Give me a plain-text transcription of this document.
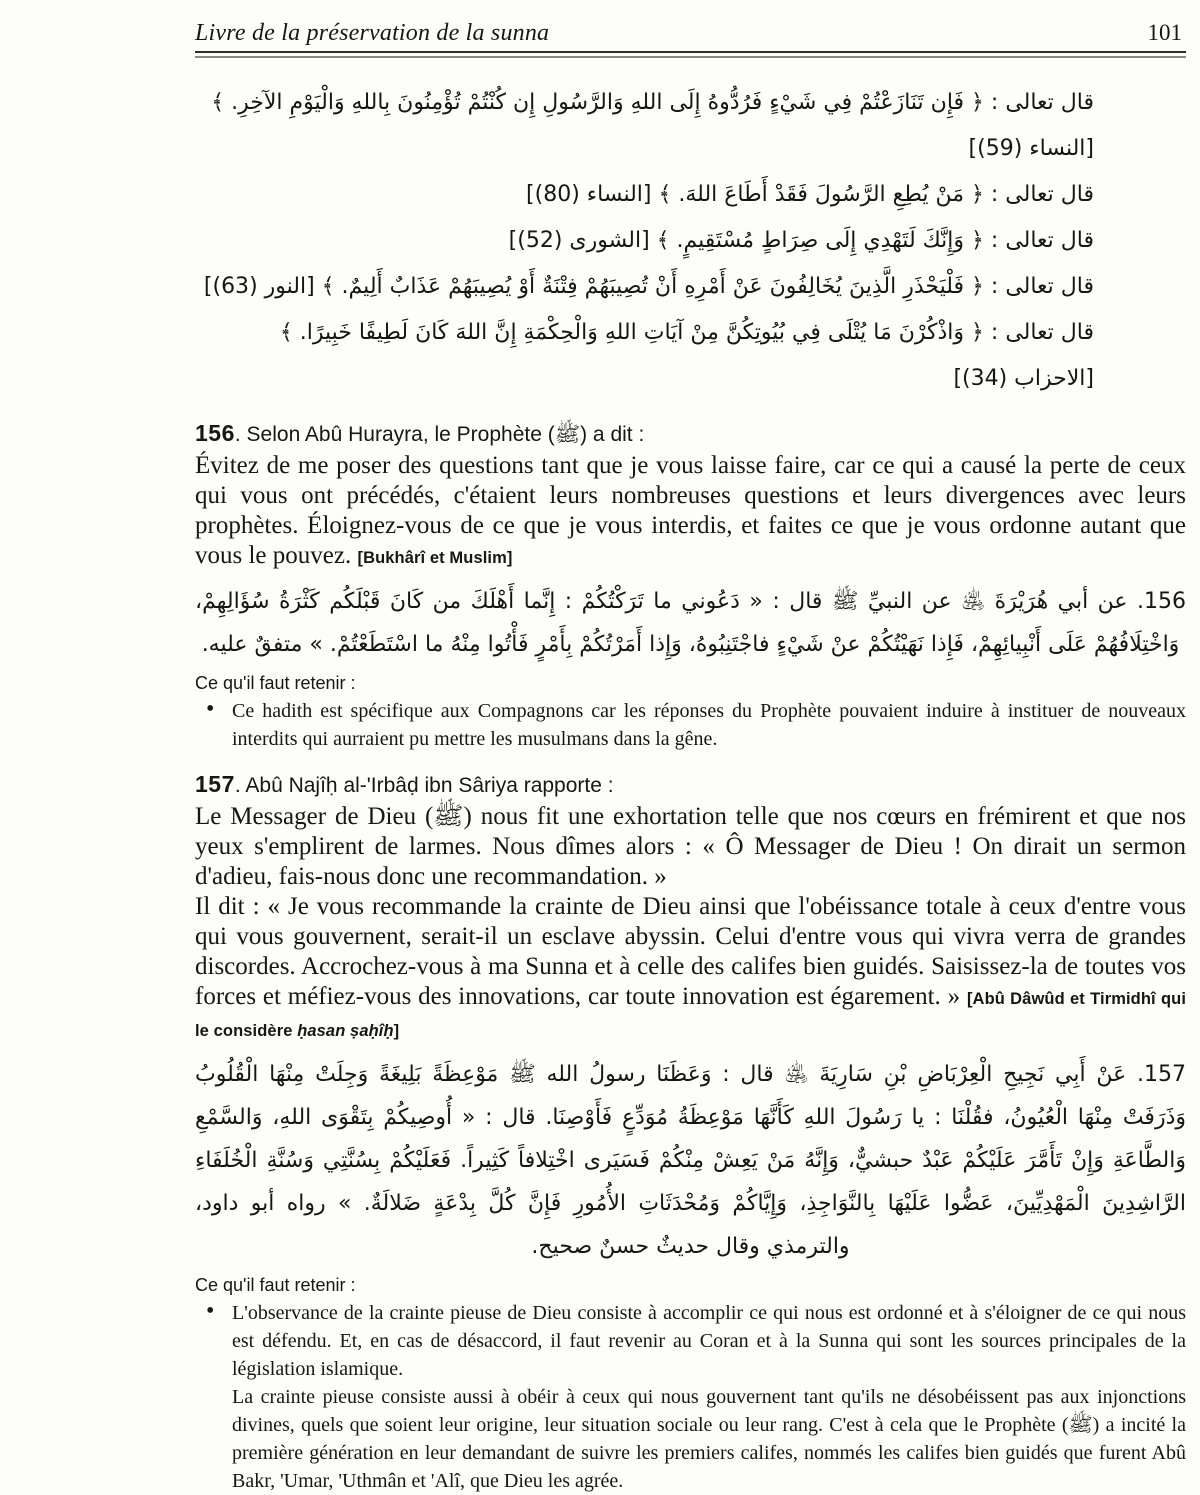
Livre de la préservation de la sunna	101
قال تعالى : ﴿ فَإِن تَنَازَعْتُمْ فِي شَيْءٍ فَرُدُّوهُ إِلَى اللهِ وَالرَّسُولِ إِن كُنْتُمْ تُؤْمِنُونَ بِاللهِ وَالْيَوْمِ الآخِرِ. ﴾ [النساء (59)]
قال تعالى : ﴿ مَنْ يُطِعِ الرَّسُولَ فَقَدْ أَطَاعَ اللهَ. ﴾ [النساء (80)]
قال تعالى : ﴿ وَإِنَّكَ لَتَهْدِي إِلَى صِرَاطٍ مُسْتَقِيمٍ. ﴾ [الشورى (52)]
قال تعالى : ﴿ فَلْيَحْذَرِ الَّذِينَ يُخَالِفُونَ عَنْ أَمْرِهِ أَنْ تُصِيبَهُمْ فِتْنَةٌ أَوْ يُصِيبَهُمْ عَذَابٌ أَلِيمٌ. ﴾ [النور (63)]
قال تعالى : ﴿ وَاذْكُرْنَ مَا يُتْلَى فِي بُيُوتِكُنَّ مِنْ آيَاتِ اللهِ وَالْحِكْمَةِ إِنَّ اللهَ كَانَ لَطِيفًا خَبِيرًا. ﴾ [الاحزاب (34)]
156. Selon Abû Hurayra, le Prophète (ﷺ) a dit :

Évitez de me poser des questions tant que je vous laisse faire, car ce qui a causé la perte de ceux qui vous ont précédés, c'étaient leurs nombreuses questions et leurs divergences avec leurs prophètes. Éloignez-vous de ce que je vous interdis, et faites ce que je vous ordonne autant que vous le pouvez. [Bukhârî et Muslim]

156. عن أبي هُرَيْرَةَ ﵁ عن النبيِّ ﷺ قال : « دَعُوني ما تَرَكْتُكُمْ : إِنَّما أَهْلَكَ من كَانَ قَبْلَكُم كَثْرَةُ سُؤَالِهِمْ، وَاخْتِلَافُهُمْ عَلَى أَنْبِيائِهِمْ، فَإِذا نَهَيْتُكُمْ عنْ شَيْءٍ فاجْتَنِبُوهُ، وَإِذا أَمَرْتُكُمْ بِأَمْرٍ فَأْتُوا مِنْهُ ما اسْتَطَعْتُمْ. » متفقٌ عليه.

Ce qu'il faut retenir :
• Ce hadith est spécifique aux Compagnons car les réponses du Prophète pouvaient induire à instituer de nouveaux interdits qui aurraient pu mettre les musulmans dans la gêne.
157. Abû Najîḥ al-'Irbâḍ ibn Sâriya rapporte :

Le Messager de Dieu (ﷺ) nous fit une exhortation telle que nos cœurs en frémirent et que nos yeux s'emplirent de larmes. Nous dîmes alors : « Ô Messager de Dieu ! On dirait un sermon d'adieu, fais-nous donc une recommandation. »

Il dit : « Je vous recommande la crainte de Dieu ainsi que l'obéissance totale à ceux d'entre vous qui vous gouvernent, serait-il un esclave abyssin. Celui d'entre vous qui vivra verra de grandes discordes. Accrochez-vous à ma Sunna et à celle des califes bien guidés. Saisissez-la de toutes vos forces et méfiez-vous des innovations, car toute innovation est égarement. » [Abû Dâwûd et Tirmidhî qui le considère ḥasan ṣaḥîḥ]

157. عَنْ أَبِي نَجِيحِ الْعِرْبَاضِ بْنِ سَارِيَةَ ﵁ قال : وَعَظَنَا رسولُ الله ﷺ مَوْعِظَةً بَلِيغَةً وَجِلَتْ مِنْهَا الْقُلُوبُ وَذَرَفَتْ مِنْهَا الْعُيُونُ، فقُلْنَا : يا رَسُولَ اللهِ كَأَنَّهَا مَوْعِظَةُ مُوَدِّعٍ فَأَوْصِنَا. قال : « أُوصِيكُمْ بِتَقْوَى اللهِ، وَالسَّمْعِ وَالطَّاعَةِ وَإِنْ تَأَمَّرَ عَلَيْكُمْ عَبْدٌ حبشيٌّ، وَإِنَّهُ مَنْ يَعِشْ مِنْكُمْ فَسَيَرى اخْتِلافاً كَثِيراً. فَعَلَيْكُمْ بِسُنَّتِي وَسُنَّةِ الْخُلَفَاءِ الرَّاشِدِينَ الْمَهْدِيِّينَ، عَضُّوا عَلَيْهَا بِالنَّوَاجِذِ، وَإِيَّاكُمْ وَمُحْدَثَاتِ الأُمُورِ فَإِنَّ كُلَّ بِدْعَةٍ ضَلالَةٌ. » رواه أبو داود، والترمذي وقال حديثٌ حسنٌ صحيح.

Ce qu'il faut retenir :
• L'observance de la crainte pieuse de Dieu consiste à accomplir ce qui nous est ordonné et à s'éloigner de ce qui nous est défendu. Et, en cas de désaccord, il faut revenir au Coran et à la Sunna qui sont les sources principales de la législation islamique.
La crainte pieuse consiste aussi à obéir à ceux qui nous gouvernent tant qu'ils ne désobéissent pas aux injonctions divines, quels que soient leur origine, leur situation sociale ou leur rang. C'est à cela que le Prophète (ﷺ) a incité la première génération en leur demandant de suivre les premiers califes, nommés les califes bien guidés que furent Abû Bakr, 'Umar, 'Uthmân et 'Alî, que Dieu les agrée.
